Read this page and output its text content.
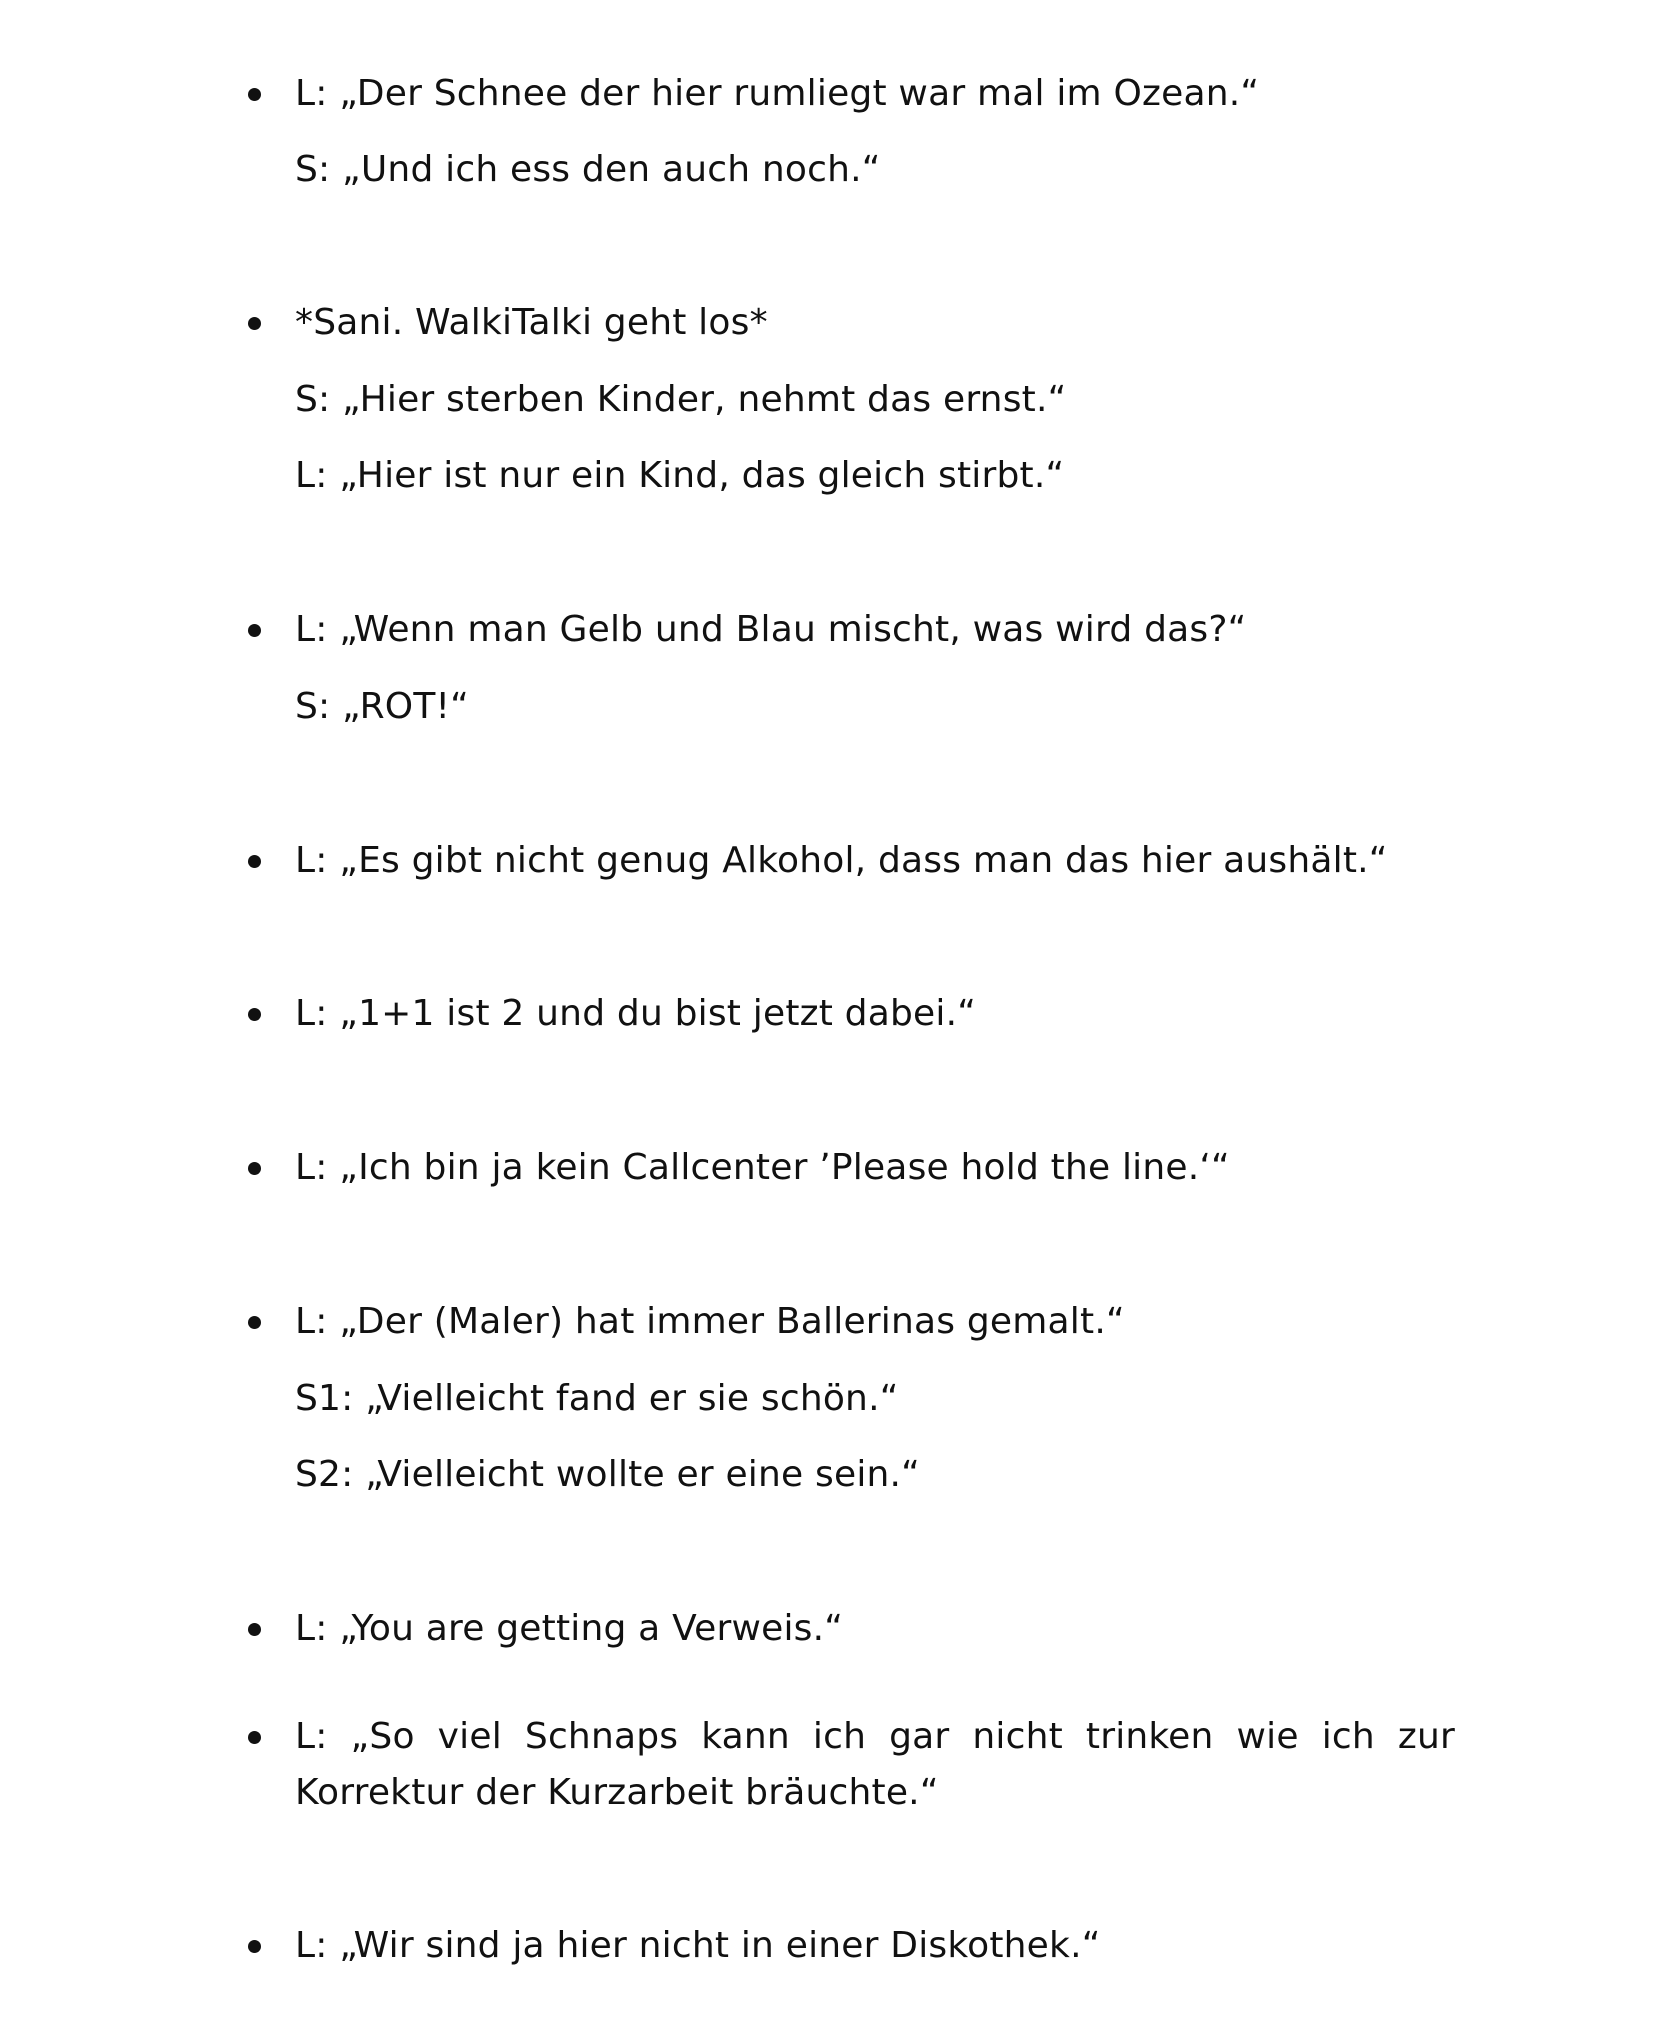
L: „Der Schnee der hier rumliegt war mal im Ozean.“
S: „Und ich ess den auch noch.“
*Sani. WalkiTalki geht los*
S: „Hier sterben Kinder, nehmt das ernst.“
L: „Hier ist nur ein Kind, das gleich stirbt.“
L: „Wenn man Gelb und Blau mischt, was wird das?“
S: „ROT!“
L: „Es gibt nicht genug Alkohol, dass man das hier aushält.“
L: „1+1 ist 2 und du bist jetzt dabei.“
L: „Ich bin ja kein Callcenter ’Please hold the line.‘“
L: „Der (Maler) hat immer Ballerinas gemalt.“
S1: „Vielleicht fand er sie schön.“
S2: „Vielleicht wollte er eine sein.“
L: „You are getting a Verweis.“
L: „So viel Schnaps kann ich gar nicht trinken wie ich zur Korrektur der Kurzarbeit bräuchte.“
L: „Wir sind ja hier nicht in einer Diskothek.“
